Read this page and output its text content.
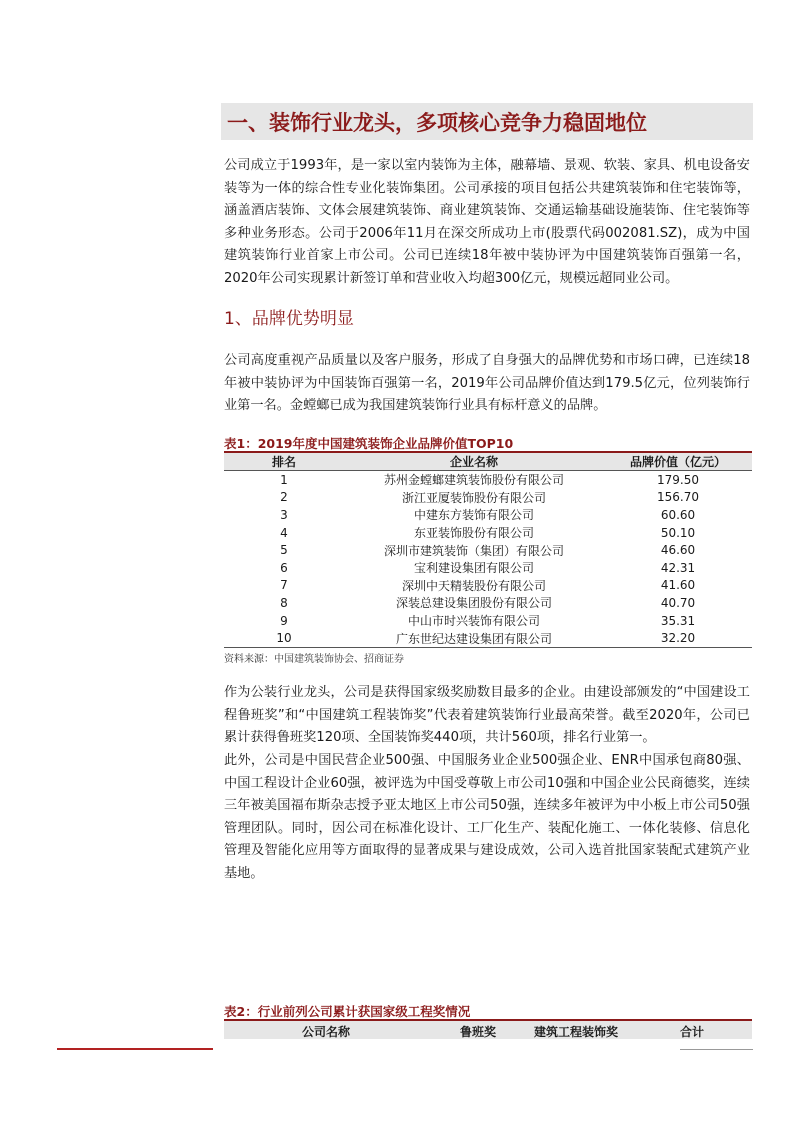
一、装饰行业龙头，多项核心竞争力稳固地位

公司成立于1993年，是一家以室内装饰为主体，融幕墙、景观、软装、家具、机电设备安装等为一体的综合性专业化装饰集团。公司承接的项目包括公共建筑装饰和住宅装饰等，涵盖酒店装饰、文体会展建筑装饰、商业建筑装饰、交通运输基础设施装饰、住宅装饰等多种业务形态。公司于2006年11月在深交所成功上市(股票代码002081.SZ)，成为中国建筑装饰行业首家上市公司。公司已连续18年被中装协评为中国建筑装饰百强第一名，2020年公司实现累计新签订单和营业收入均超300亿元，规模远超同业公司。

1、品牌优势明显

公司高度重视产品质量以及客户服务，形成了自身强大的品牌优势和市场口碑，已连续18年被中装协评为中国装饰百强第一名，2019年公司品牌价值达到179.5亿元，位列装饰行业第一名。金螳螂已成为我国建筑装饰行业具有标杆意义的品牌。

表1：2019年度中国建筑装饰企业品牌价值TOP10
排名	企业名称	品牌价值（亿元）
1	苏州金螳螂建筑装饰股份有限公司	179.50
2	浙江亚厦装饰股份有限公司	156.70
3	中建东方装饰有限公司	60.60
4	东亚装饰股份有限公司	50.10
5	深圳市建筑装饰（集团）有限公司	46.60
6	宝利建设集团有限公司	42.31
7	深圳中天精装股份有限公司	41.60
8	深装总建设集团股份有限公司	40.70
9	中山市时兴装饰有限公司	35.31
10	广东世纪达建设集团有限公司	32.20
资料来源：中国建筑装饰协会、招商证券

作为公装行业龙头，公司是获得国家级奖励数目最多的企业。由建设部颁发的“中国建设工程鲁班奖”和“中国建筑工程装饰奖”代表着建筑装饰行业最高荣誉。截至2020年，公司已累计获得鲁班奖120项、全国装饰奖440项，共计560项，排名行业第一。

此外，公司是中国民营企业500强、中国服务业企业500强企业、ENR中国承包商80强、中国工程设计企业60强，被评选为中国受尊敬上市公司10强和中国企业公民商德奖，连续三年被美国福布斯杂志授予亚太地区上市公司50强，连续多年被评为中小板上市公司50强管理团队。同时，因公司在标准化设计、工厂化生产、装配化施工、一体化装修、信息化管理及智能化应用等方面取得的显著成果与建设成效，公司入选首批国家装配式建筑产业基地。

表2：行业前列公司累计获国家级工程奖情况
公司名称	鲁班奖	建筑工程装饰奖	合计
